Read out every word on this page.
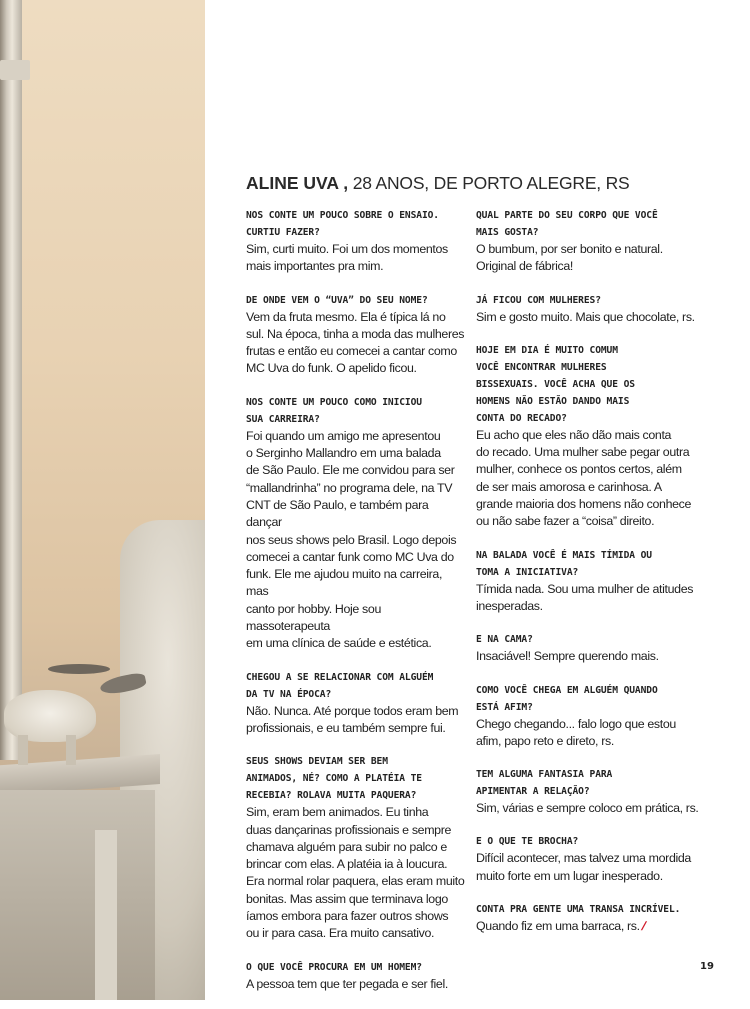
ALINE UVA , 28 ANOS, DE PORTO ALEGRE, RS
NOS CONTE UM POUCO SOBRE O ENSAIO.
CURTIU FAZER?
Sim, curti muito. Foi um dos momentos
mais importantes pra mim.
DE ONDE VEM O “UVA” DO SEU NOME?
Vem da fruta mesmo. Ela é típica lá no
sul. Na época, tinha a moda das mulheres
frutas e então eu comecei a cantar como
MC Uva do funk. O apelido ficou.
NOS CONTE UM POUCO COMO INICIOU
SUA CARREIRA?
Foi quando um amigo me apresentou
o Serginho Mallandro em uma balada
de São Paulo. Ele me convidou para ser
“mallandrinha” no programa dele, na TV
CNT de São Paulo, e também para dançar
nos seus shows pelo Brasil. Logo depois
comecei a cantar funk como MC Uva do
funk. Ele me ajudou muito na carreira, mas
canto por hobby. Hoje sou massoterapeuta
em uma clínica de saúde e estética.
CHEGOU A SE RELACIONAR COM ALGUÉM
DA TV NA ÉPOCA?
Não. Nunca. Até porque todos eram bem
profissionais, e eu também sempre fui.
SEUS SHOWS DEVIAM SER BEM
ANIMADOS, NÉ? COMO A PLATÉIA TE
RECEBIA? ROLAVA MUITA PAQUERA?
Sim, eram bem animados. Eu tinha
duas dançarinas profissionais e sempre
chamava alguém para subir no palco e
brincar com elas. A platéia ia à loucura.
Era normal rolar paquera, elas eram muito
bonitas. Mas assim que terminava logo
íamos embora para fazer outros shows
ou ir para casa. Era muito cansativo.
O QUE VOCÊ PROCURA EM UM HOMEM?
A pessoa tem que ter pegada e ser fiel.
QUAL PARTE DO SEU CORPO QUE VOCÊ
MAIS GOSTA?
O bumbum, por ser bonito e natural.
Original de fábrica!
JÁ FICOU COM MULHERES?
Sim e gosto muito. Mais que chocolate, rs.
HOJE EM DIA É MUITO COMUM
VOCÊ ENCONTRAR MULHERES
BISSEXUAIS. VOCÊ ACHA QUE OS
HOMENS NÃO ESTÃO DANDO MAIS
CONTA DO RECADO?
Eu acho que eles não dão mais conta
do recado. Uma mulher sabe pegar outra
mulher, conhece os pontos certos, além
de ser mais amorosa e carinhosa. A
grande maioria dos homens não conhece
ou não sabe fazer a “coisa” direito.
NA BALADA VOCÊ É MAIS TÍMIDA OU
TOMA A INICIATIVA?
Tímida nada. Sou uma mulher de atitudes
inesperadas.
E NA CAMA?
Insaciável! Sempre querendo mais.
COMO VOCÊ CHEGA EM ALGUÉM QUANDO
ESTÁ AFIM?
Chego chegando... falo logo que estou
afim, papo reto e direto, rs.
TEM ALGUMA FANTASIA PARA
APIMENTAR A RELAÇÃO?
Sim, várias e sempre coloco em prática, rs.
E O QUE TE BROCHA?
Difícil acontecer, mas talvez uma mordida
muito forte em um lugar inesperado.
CONTA PRA GENTE UMA TRANSA INCRÍVEL.
Quando fiz em uma barraca, rs./
19
